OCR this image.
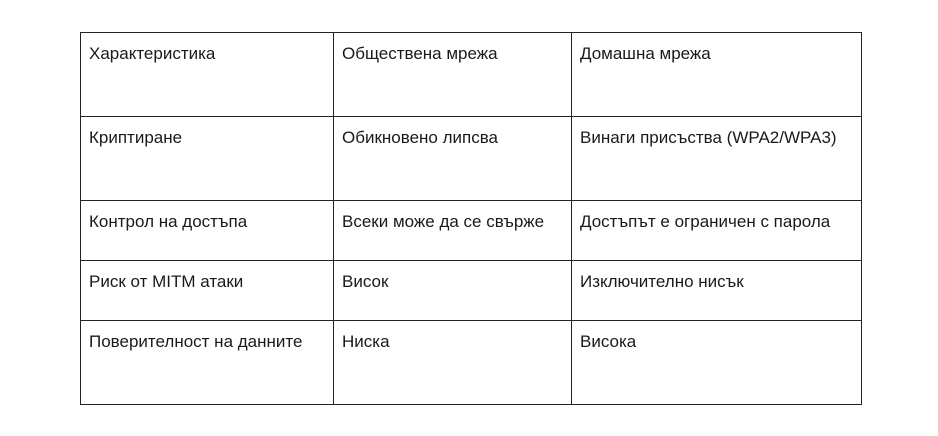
Характеристика	Обществена мрежа	Домашна мрежа
Криптиране	Обикновено липсва	Винаги присъства (WPA2/WPA3)
Контрол на достъпа	Всеки може да се свърже	Достъпът е ограничен с парола
Риск от MITM атаки	Висок	Изключително нисък
Поверителност на данните	Ниска	Висока
